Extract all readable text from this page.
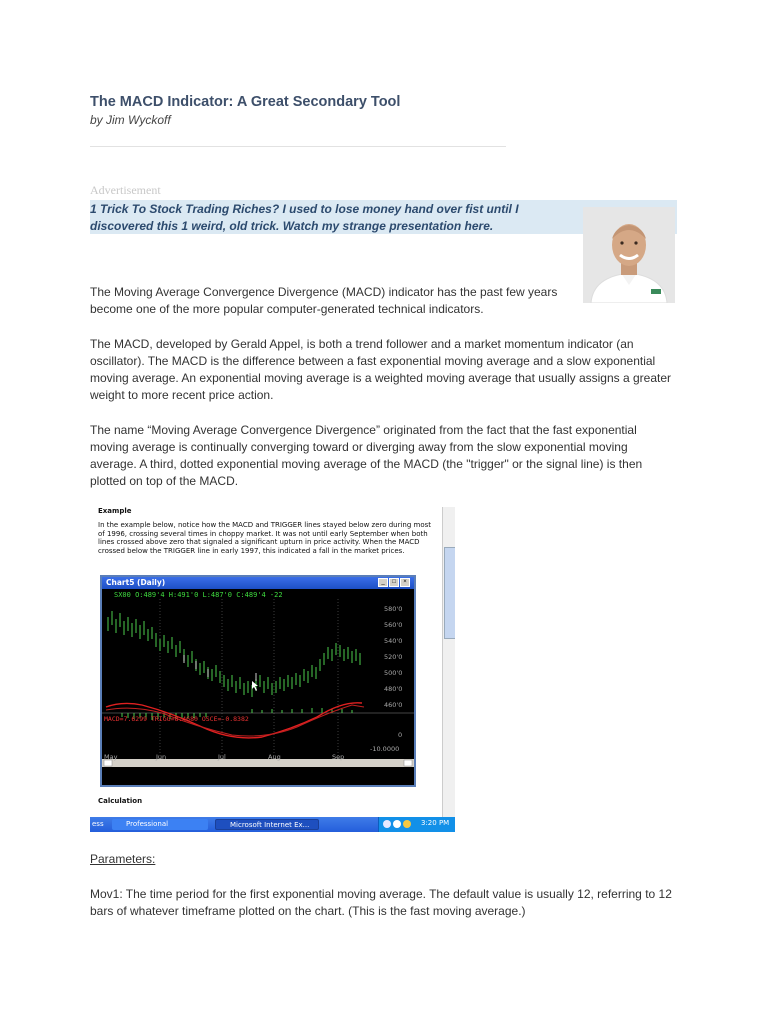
The MACD Indicator: A Great Secondary Tool
by Jim Wyckoff
Advertisement
1 Trick To Stock Trading Riches? I used to lose money hand over fist until I discovered this 1 weird, old trick. Watch my strange presentation here.

The Moving Average Convergence Divergence (MACD) indicator has the past few years become one of the more popular computer-generated technical indicators.

The MACD, developed by Gerald Appel, is both a trend follower and a market momentum indicator (an oscillator). The MACD is the difference between a fast exponential moving average and a slow exponential moving average. An exponential moving average is a weighted moving average that usually assigns a greater weight to more recent price action.

The name “Moving Average Convergence Divergence” originated from the fact that the fast exponential moving average is continually converging toward or diverging away from the slow exponential moving average. A third, dotted exponential moving average of the MACD (the "trigger" or the signal line) is then plotted on top of the MACD.

Example
In the example below, notice how the MACD and TRIGGER lines stayed below zero during most of 1996, crossing several times in choppy market. It was not until early September when both lines crossed above zero that signaled a significant upturn in price activity. When the MACD crossed below the TRIGGER line in early 1997, this indicated a fall in the market prices.
Chart5 (Daily)	_	□	×
SX00 O:489'4 H:491'0 L:487'0 C:489'4 -22
MACD=7.6299 TRIGG=8.4680 OSCE=-0.8382
580'0
560'0
540'0
520'0
500'0
480'0
460'0
0
-10.0000
May	Jun	Jul	Aug	Sep
Calculation
ess	Professional	Microsoft Internet Ex...	3:20 PM
Parameters:

Mov1: The time period for the first exponential moving average. The default value is usually 12, referring to 12 bars of whatever timeframe plotted on the chart. (This is the fast moving average.)
